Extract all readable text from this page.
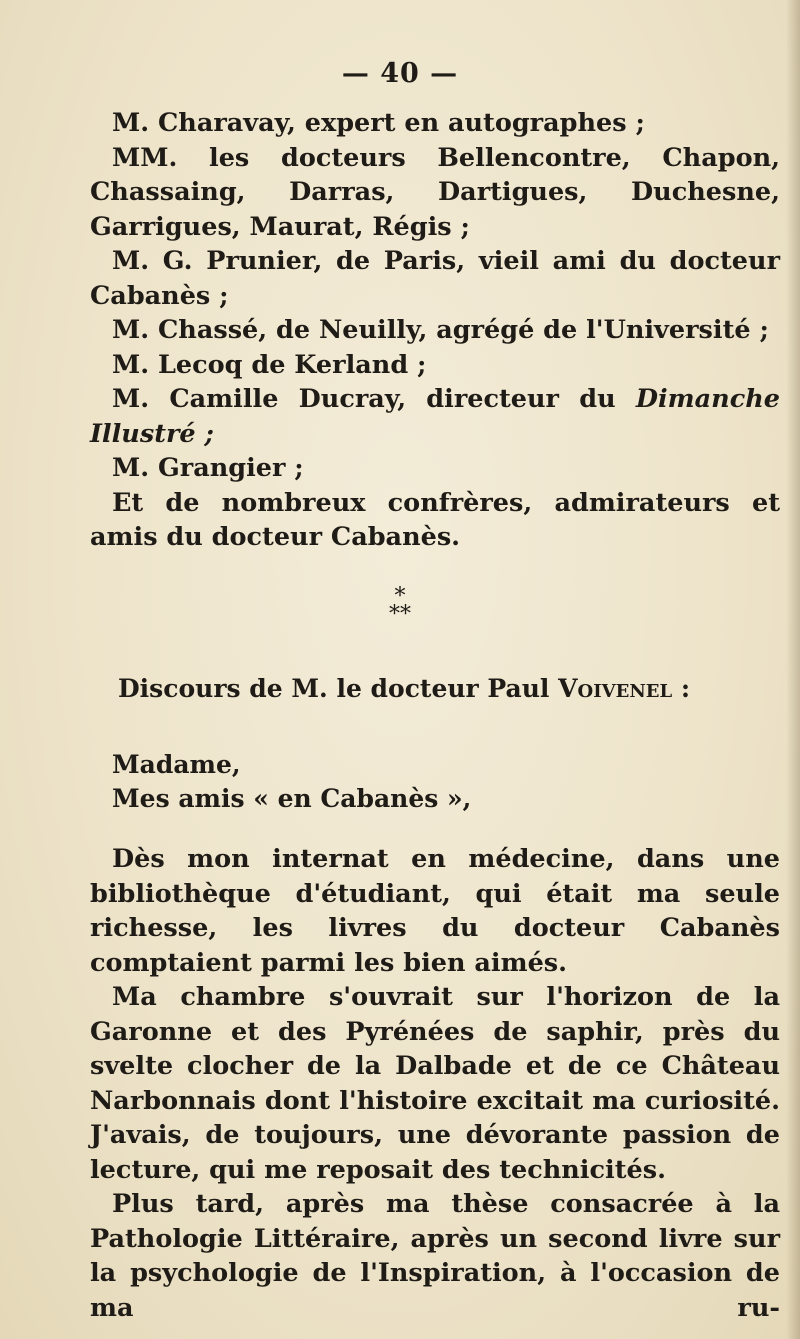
— 40 —

M. Charavay, expert en autographes ;

MM. les docteurs Bellencontre, Chapon, Chassaing, Darras, Dartigues, Duchesne, Garrigues, Maurat, Régis ;

M. G. Prunier, de Paris, vieil ami du docteur Cabanès ;

M. Chassé, de Neuilly, agrégé de l'Université ;

M. Lecoq de Kerland ;

M. Camille Ducray, directeur du Dimanche Illustré ;

M. Grangier ;

Et de nombreux confrères, admirateurs et amis du docteur Cabanès.

*
**
Discours de M. le docteur Paul Voivenel :

Madame,

Mes amis « en Cabanès »,

Dès mon internat en médecine, dans une bibliothèque d'étudiant, qui était ma seule richesse, les livres du docteur Cabanès comptaient parmi les bien aimés.

Ma chambre s'ouvrait sur l'horizon de la Garonne et des Pyrénées de saphir, près du svelte clocher de la Dalbade et de ce Château Narbonnais dont l'histoire excitait ma curiosité. J'avais, de toujours, une dévorante passion de lecture, qui me reposait des technicités.

Plus tard, après ma thèse consacrée à la Pathologie Littéraire, après un second livre sur la psychologie de l'Inspiration, à l'occasion de ma ru-
